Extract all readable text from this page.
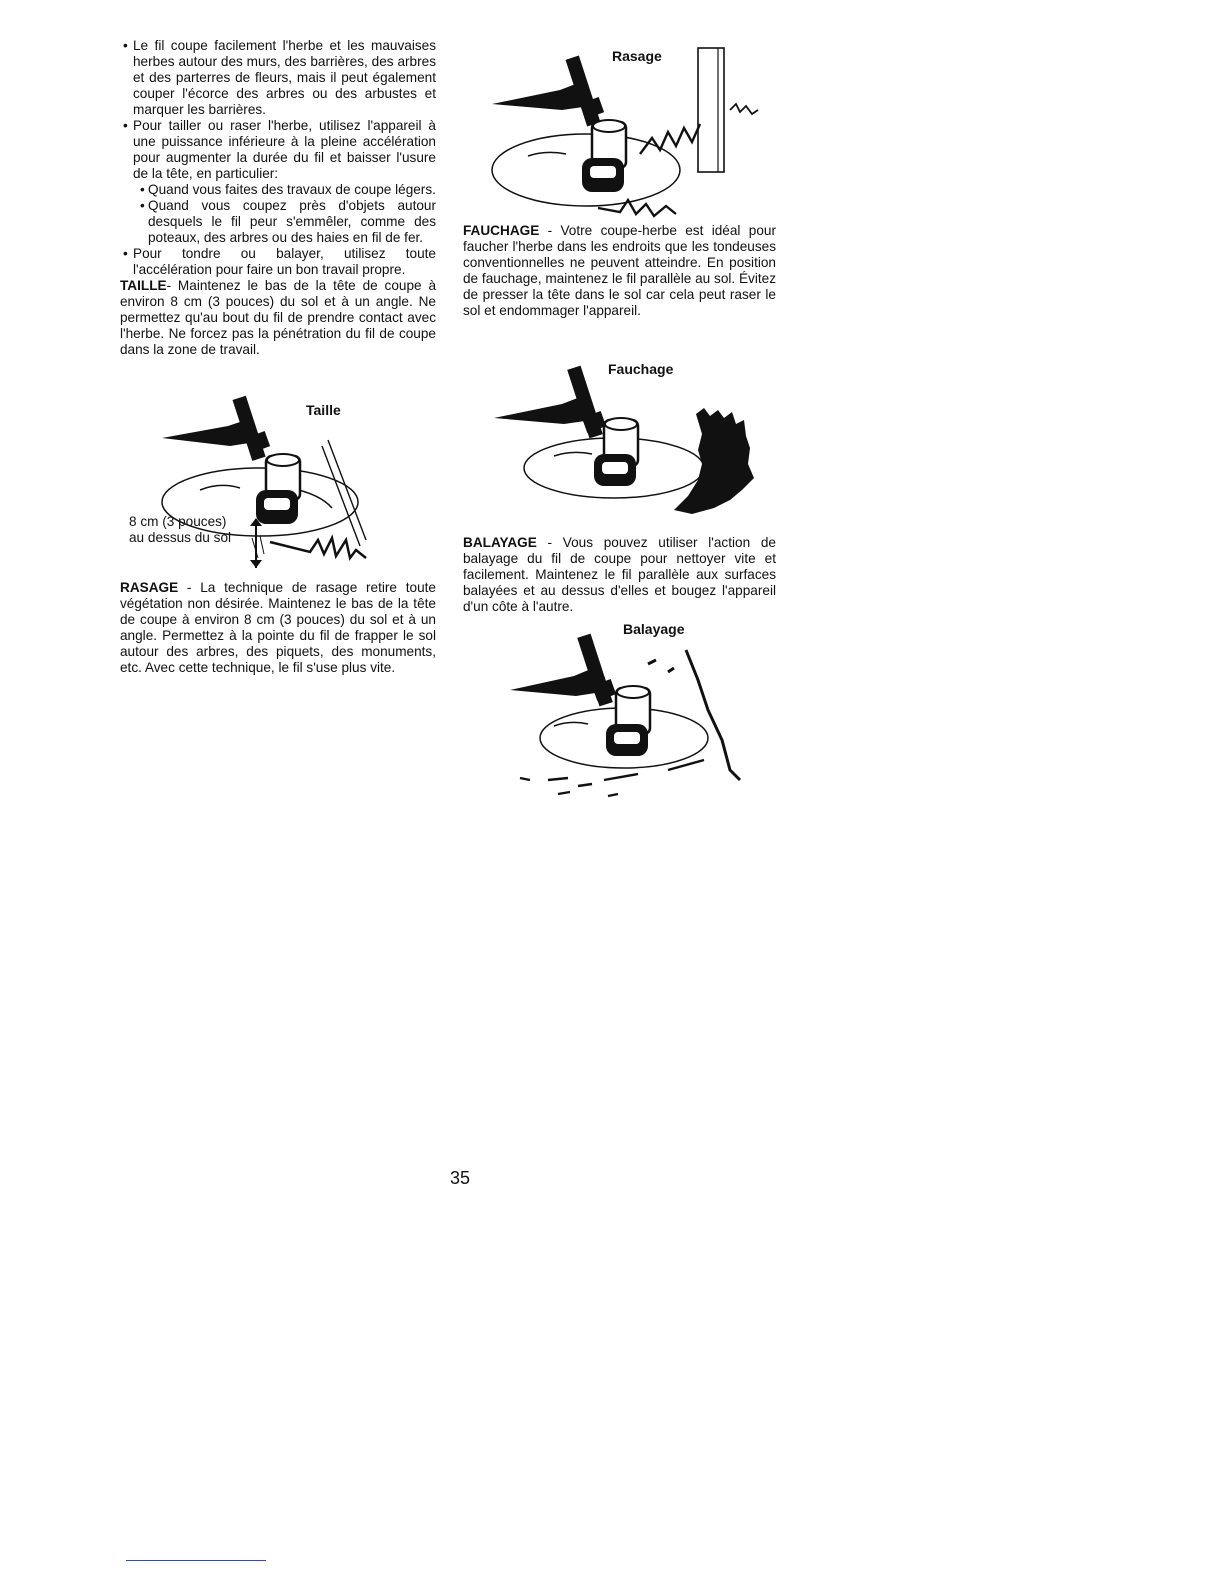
• Le fil coupe facilement l'herbe et les mauvaises herbes autour des murs, des barrières, des arbres et des parterres de fleurs, mais il peut également couper l'écorce des arbres ou des arbustes et marquer les barrières.
• Pour tailler ou raser l'herbe, utilisez l'appareil à une puissance inférieure à la pleine accélération pour augmenter la durée du fil et baisser l'usure de la tête, en particulier:
• Quand vous faites des travaux de coupe légers.
• Quand vous coupez près d'objets autour desquels le fil peur s'emmêler, comme des poteaux, des arbres ou des haies en fil de fer.
• Pour tondre ou balayer, utilisez toute l'accélération pour faire un bon travail propre.

TAILLE- Maintenez le bas de la tête de coupe à environ 8 cm (3 pouces) du sol et à un angle. Ne permettez qu'au bout du fil de prendre contact avec l'herbe. Ne forcez pas la pénétration du fil de coupe dans la zone de travail.

Taille
8 cm (3 pouces) au dessus du sol

RASAGE - La technique de rasage retire toute végétation non désirée. Maintenez le bas de la tête de coupe à environ 8 cm (3 pouces) du sol et à un angle. Permettez à la pointe du fil de frapper le sol autour des arbres, des piquets, des monuments, etc. Avec cette technique, le fil s'use plus vite.

Rasage

FAUCHAGE - Votre coupe-herbe est idéal pour faucher l'herbe dans les endroits que les tondeuses conventionnelles ne peuvent atteindre. En position de fauchage, maintenez le fil parallèle au sol. Évitez de presser la tête dans le sol car cela peut raser le sol et endommager l'appareil.

Fauchage

BALAYAGE - Vous pouvez utiliser l'action de balayage du fil de coupe pour nettoyer vite et facilement. Maintenez le fil parallèle aux surfaces balayées et au dessus d'elles et bougez l'appareil d'un côte à l'autre.

Balayage
35
